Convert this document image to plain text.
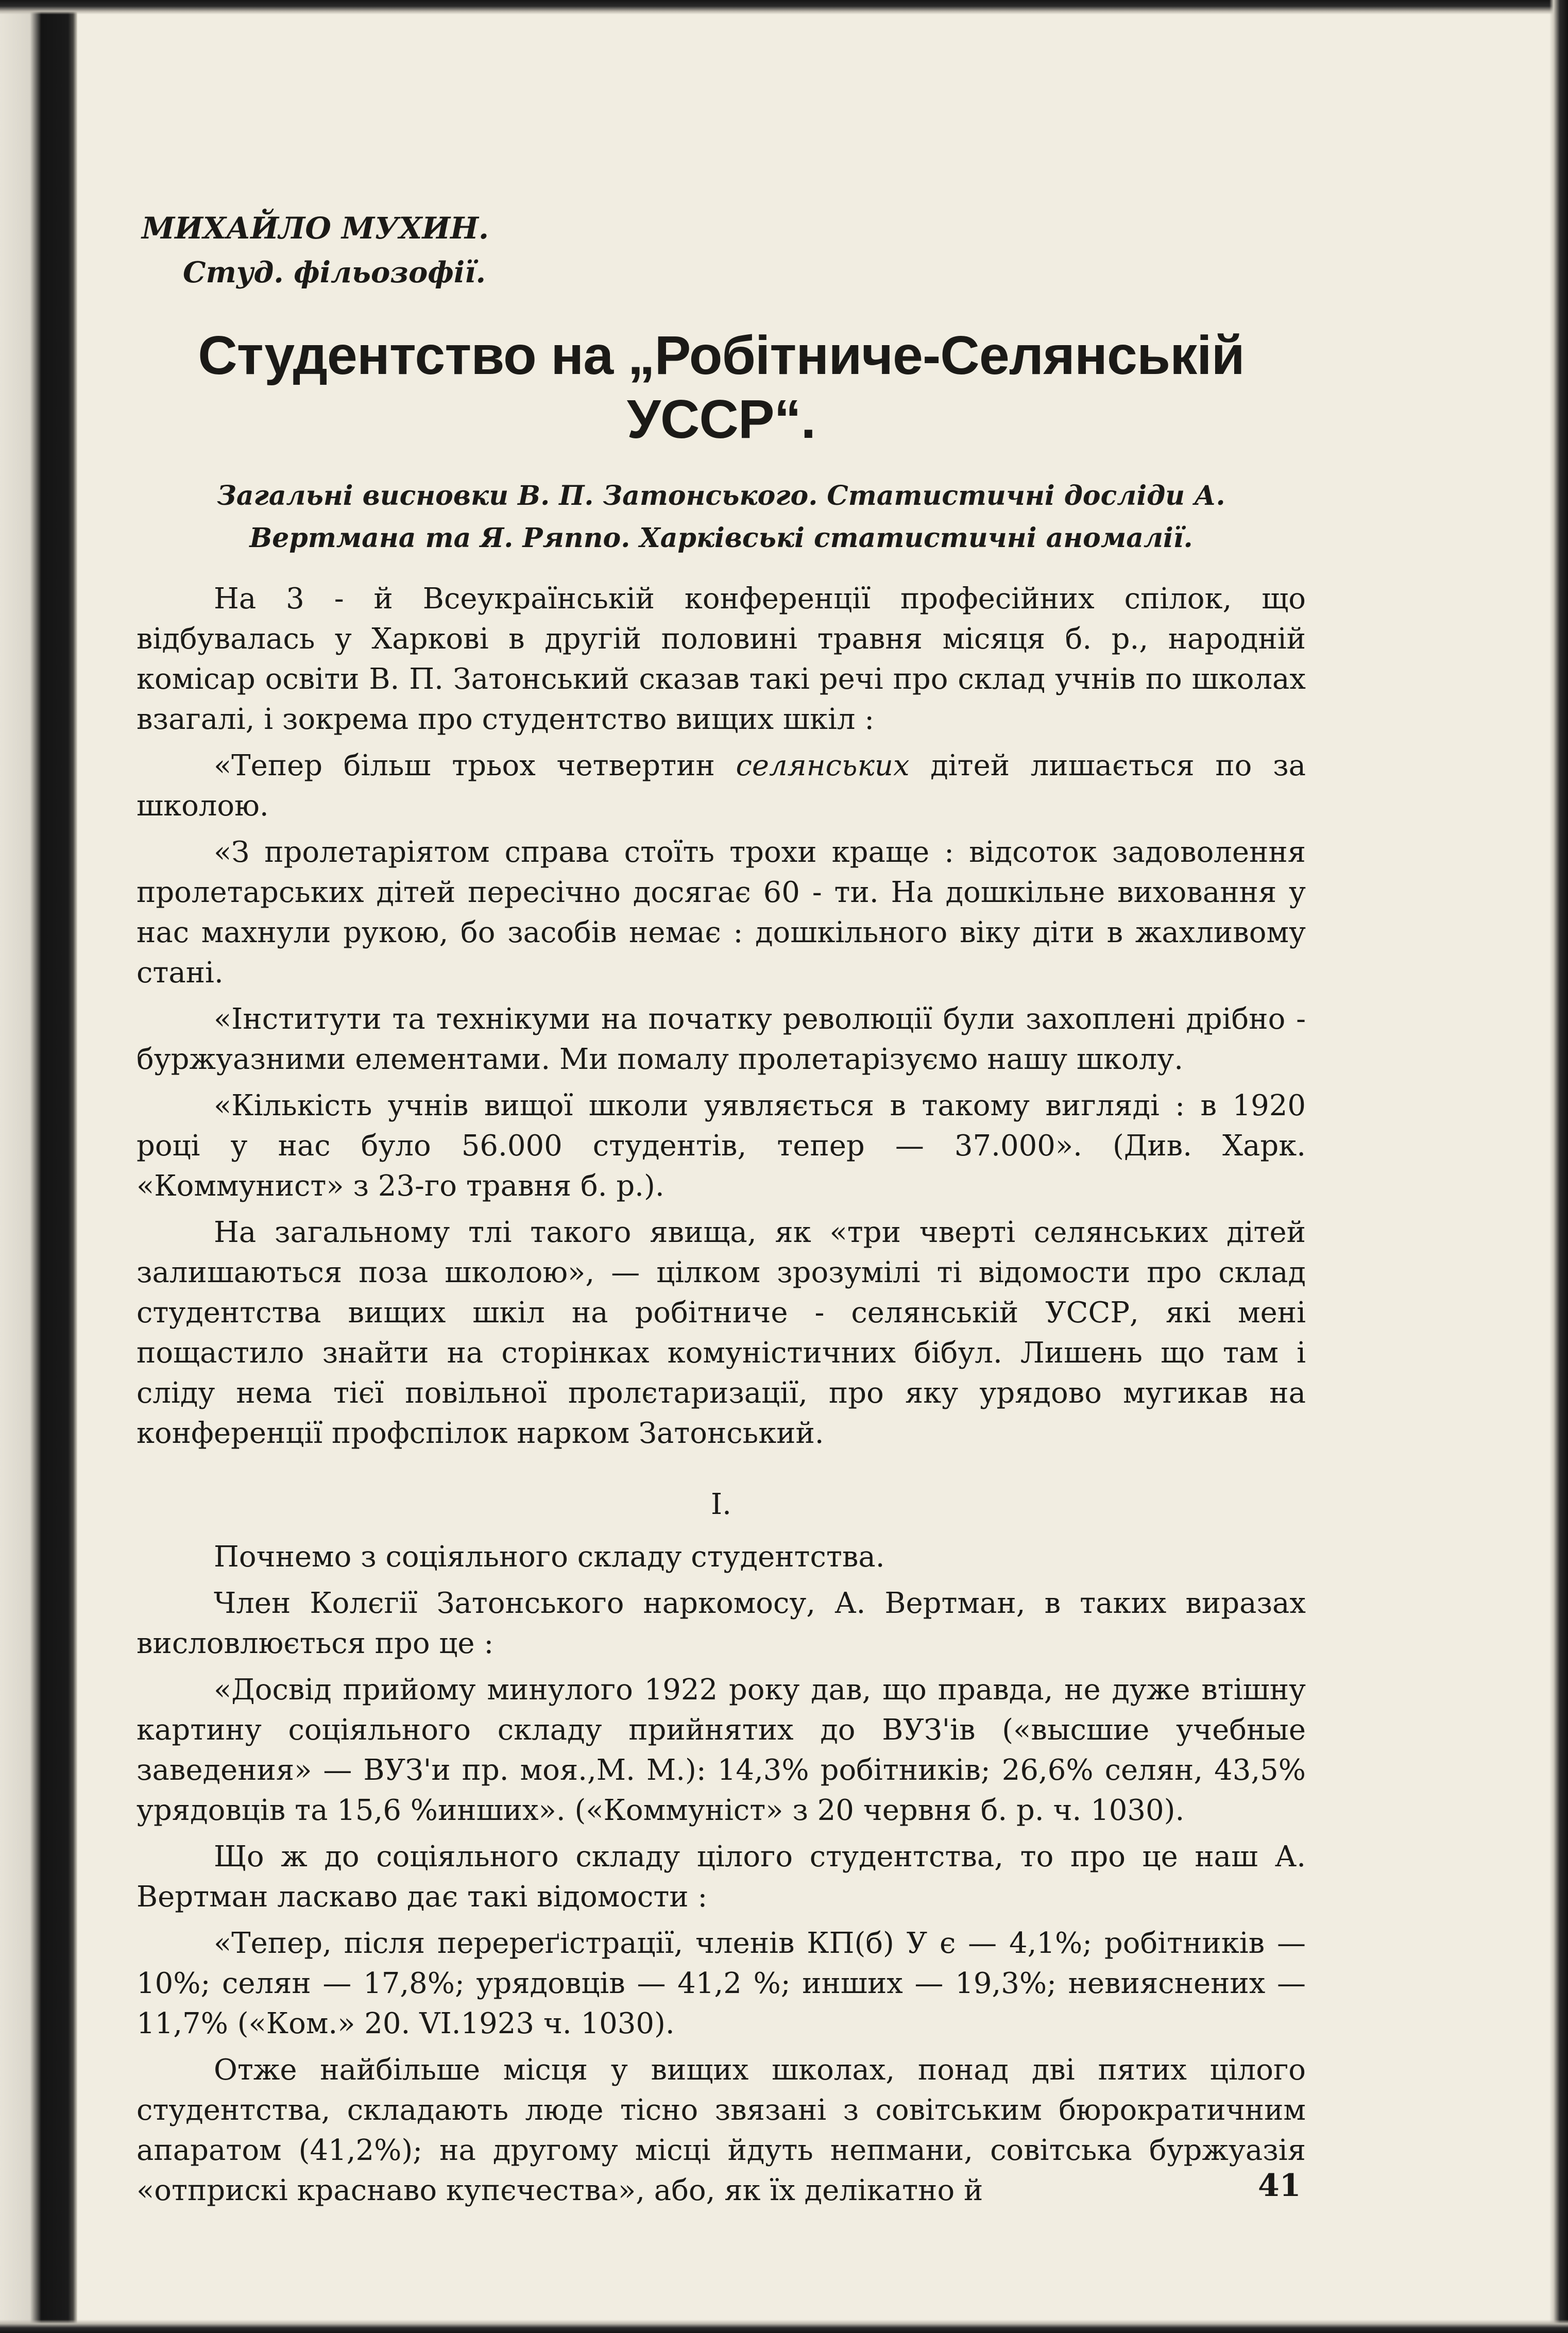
МИХАЙЛО МУХИН.
Студ. фільозофії.
Студентство на „Робітниче-Селянській
УССР“.
Загальні висновки В. П. Затонського. Статистичні досліди А. Вертмана та Я. Ряппо. Харківські статистичні аномалії.

На 3 - й Всеукраїнській конференції професійних спілок, що відбувалась у Харкові в другій половині травня місяця б. р., народній комісар освіти В. П. Затонський сказав такі речі про склад учнів по школах взагалі, і зокрема про студентство вищих шкіл :

«Тепер більш трьох четвертин селянських дітей лишається по за школою.

«З пролетаріятом справа стоїть трохи краще : відсоток задоволення пролетарських дітей пересічно досягає 60 - ти. На дошкільне виховання у нас махнули рукою, бо засобів немає : дошкільного віку діти в жахливому стані.

«Інститути та технікуми на початку революції були захоплені дрібно - буржуазними елементами. Ми помалу пролетарізуємо нашу школу.

«Кількість учнів вищої школи уявляється в такому вигляді : в 1920 році у нас було 56.000 студентів, тепер — 37.000». (Див. Харк. «Коммунист» з 23-го травня б. р.).

На загальному тлі такого явища, як «три чверті селянських дітей залишаються поза школою», — цілком зрозумілі ті відомости про склад студентства вищих шкіл на робітниче - селянській УССР, які мені пощастило знайти на сторінках комуністичних бібул. Лишень що там і сліду нема тієї повільної пролєтаризації, про яку урядово мугикав на конференції профспілок нарком Затонський.

I.

Почнемо з соціяльного складу студентства.

Член Колєгії Затонського наркомосу, А. Вертман, в таких виразах висловлюється про це :

«Досвід прийому минулого 1922 року дав, що правда, не дуже втішну картину соціяльного складу прийнятих до ВУЗ'ів («высшие учебные заведения» — ВУЗ'и пр. моя.,М. М.): 14,3% робітників; 26,6% селян, 43,5% урядовців та 15,6 %инших». («Коммуніст» з 20 червня б. р. ч. 1030).

Що ж до соціяльного складу цілого студентства, то про це наш А. Вертман ласкаво дає такі відомости :

«Тепер, після перереґістрації, членів КП(б) У є — 4,1%; робітників — 10%; селян — 17,8%; урядовців — 41,2 %; инших — 19,3%; невияснених — 11,7% («Ком.» 20. VI.1923 ч. 1030).

Отже найбільше місця у вищих школах, понад дві пятих цілого студентства, складають люде тісно звязані з совітським бюрократичним апаратом (41,2%); на другому місці йдуть непмани, совітська буржуазія «отприскі краснаво купєчества», або, як їх делікатно й	41
